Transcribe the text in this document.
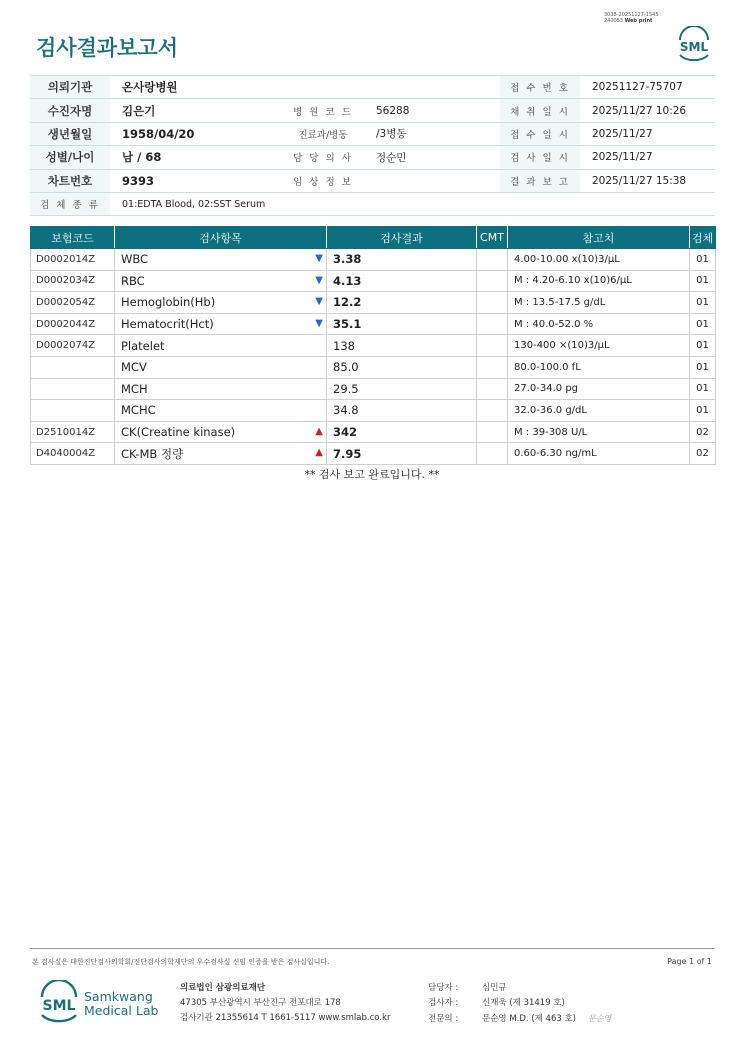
3038-20251127-1545
240053 Web print
검사결과보고서	SML
의뢰기관	온사랑병원			접 수 번 호	20251127-75707
수진자명	김은기	병 원 코 드	56288	채 취 일 시	2025/11/27 10:26
생년월일	1958/04/20	진료과/병동	/3병동	접 수 일 시	2025/11/27
성별/나이	남 / 68	담 당 의 사	정순민	검 사 일 시	2025/11/27
차트번호	9393	임 상 정 보		결 과 보 고	2025/11/27 15:38
검 체 종 류	01:EDTA Blood, 02:SST Serum				
보험코드	검사항목	검사결과	CMT	참고치	검체
D0002014Z	WBC ▼	3.38		4.00-10.00 x(10)3/μL	01
D0002034Z	RBC ▼	4.13		M : 4.20-6.10 x(10)6/μL	01
D0002054Z	Hemoglobin(Hb) ▼	12.2		M : 13.5-17.5 g/dL	01
D0002044Z	Hematocrit(Hct) ▼	35.1		M : 40.0-52.0 %	01
D0002074Z	Platelet	138		130-400 ×(10)3/μL	01
	MCV	85.0		80.0-100.0 fL	01
	MCH	29.5		27.0-34.0 pg	01
	MCHC	34.8		32.0-36.0 g/dL	01
D2510014Z	CK(Creatine kinase) ▲	342		M : 39-308 U/L	02
D4040004Z	CK-MB 정량 ▲	7.95		0.60-6.30 ng/mL	02
** 검사 보고 완료입니다. **
본 검사실은 대한진단검사의학회/진단검사의학재단의 우수검사실 신임 인증을 받은 검사실입니다.	Page 1 of 1
SML
Samkwang
Medical Lab
의료법인 삼광의료재단
47305 부산광역시 부산진구 전포대로 178
검사기관 21355614 T 1661-5117 www.smlab.co.kr
담당자 :	심민규
검사자 :	신재욱 (제 31419 호)
전문의 :	문순영 M.D. (제 463 호) 문순영
